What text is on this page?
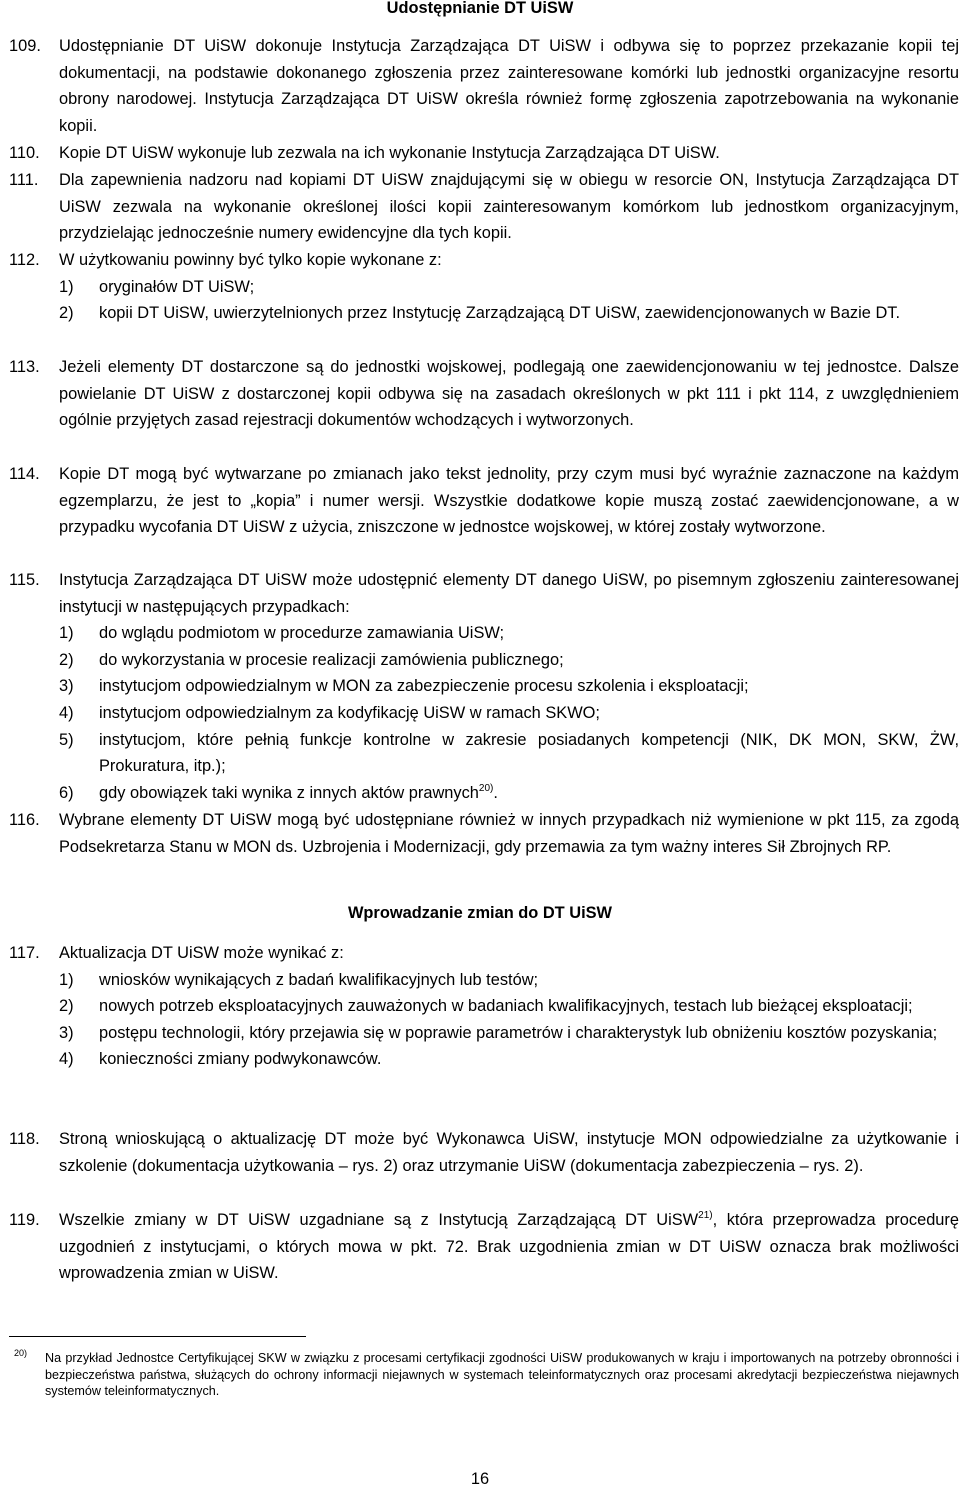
Udostępnianie DT UiSW
109. Udostępnianie DT UiSW dokonuje Instytucja Zarządzająca DT UiSW i odbywa się to poprzez przekazanie kopii tej dokumentacji, na podstawie dokonanego zgłoszenia przez zainteresowane komórki lub jednostki organizacyjne resortu obrony narodowej. Instytucja Zarządzająca DT UiSW określa również formę zgłoszenia zapotrzebowania na wykonanie kopii.
110. Kopie DT UiSW wykonuje lub zezwala na ich wykonanie Instytucja Zarządzająca DT UiSW.
111. Dla zapewnienia nadzoru nad kopiami DT UiSW znajdującymi się w obiegu w resorcie ON, Instytucja Zarządzająca DT UiSW zezwala na wykonanie określonej ilości kopii zainteresowanym komórkom lub jednostkom organizacyjnym, przydzielając jednocześnie numery ewidencyjne dla tych kopii.
112. W użytkowaniu powinny być tylko kopie wykonane z:
1) oryginałów DT UiSW;
2) kopii DT UiSW, uwierzytelnionych przez Instytucję Zarządzającą DT UiSW, zaewidencjonowanych w Bazie DT.
113. Jeżeli elementy DT dostarczone są do jednostki wojskowej, podlegają one zaewidencjonowaniu w tej jednostce. Dalsze powielanie DT UiSW z dostarczonej kopii odbywa się na zasadach określonych w pkt 111 i pkt 114, z uwzględnieniem ogólnie przyjętych zasad rejestracji dokumentów wchodzących i wytworzonych.
114. Kopie DT mogą być wytwarzane po zmianach jako tekst jednolity, przy czym musi być wyraźnie zaznaczone na każdym egzemplarzu, że jest to „kopia” i numer wersji. Wszystkie dodatkowe kopie muszą zostać zaewidencjonowane, a w przypadku wycofania DT UiSW z użycia, zniszczone w jednostce wojskowej, w której zostały wytworzone.
115. Instytucja Zarządzająca DT UiSW może udostępnić elementy DT danego UiSW, po pisemnym zgłoszeniu zainteresowanej instytucji w następujących przypadkach:
1) do wglądu podmiotom w procedurze zamawiania UiSW;
2) do wykorzystania w procesie realizacji zamówienia publicznego;
3) instytucjom odpowiedzialnym w MON za zabezpieczenie procesu szkolenia i eksploatacji;
4) instytucjom odpowiedzialnym za kodyfikację UiSW w ramach SKWO;
5) instytucjom, które pełnią funkcje kontrolne w zakresie posiadanych kompetencji (NIK, DK MON, SKW, ŻW, Prokuratura, itp.);
6) gdy obowiązek taki wynika z innych aktów prawnych$^{20)}$.
116. Wybrane elementy DT UiSW mogą być udostępniane również w innych przypadkach niż wymienione w pkt 115, za zgodą Podsekretarza Stanu w MON ds. Uzbrojenia i Modernizacji, gdy przemawia za tym ważny interes Sił Zbrojnych RP.
Wprowadzanie zmian do DT UiSW
117. Aktualizacja DT UiSW może wynikać z:
1) wniosków wynikających z badań kwalifikacyjnych lub testów;
2) nowych potrzeb eksploatacyjnych zauważonych w badaniach kwalifikacyjnych, testach lub bieżącej eksploatacji;
3) postępu technologii, który przejawia się w poprawie parametrów i charakterystyk lub obniżeniu kosztów pozyskania;
4) konieczności zmiany podwykonawców.
118. Stroną wnioskującą o aktualizację DT może być Wykonawca UiSW, instytucje MON odpowiedzialne za użytkowanie i szkolenie (dokumentacja użytkowania – rys. 2) oraz utrzymanie UiSW (dokumentacja zabezpieczenia – rys. 2).
119. Wszelkie zmiany w DT UiSW uzgadniane są z Instytucją Zarządzającą DT UiSW$^{21)}$, która przeprowadza procedurę uzgodnień z instytucjami, o których mowa w pkt. 72. Brak uzgodnienia zmian w DT UiSW oznacza brak możliwości wprowadzenia zmian w UiSW.
20) Na przykład Jednostce Certyfikującej SKW w związku z procesami certyfikacji zgodności UiSW produkowanych w kraju i importowanych na potrzeby obronności i bezpieczeństwa państwa, służących do ochrony informacji niejawnych w systemach teleinformatycznych oraz procesami akredytacji bezpieczeństwa niejawnych systemów teleinformatycznych.
16
